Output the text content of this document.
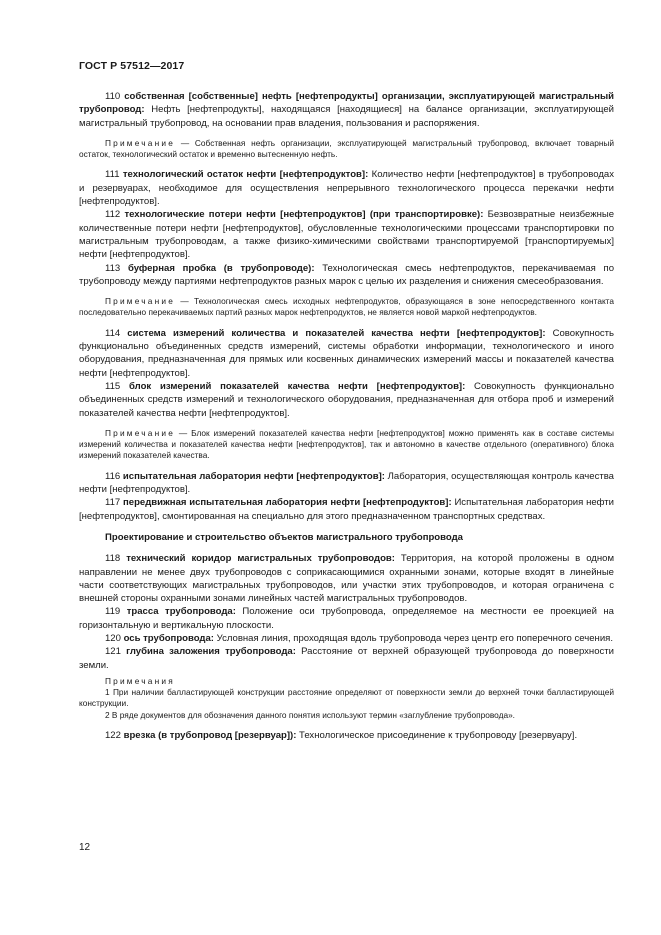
ГОСТ Р 57512—2017

110 собственная [собственные] нефть [нефтепродукты] организации, эксплуатирующей магистральный трубопровод: Нефть [нефтепродукты], находящаяся [находящиеся] на балансе организации, эксплуатирующей магистральный трубопровод, на основании прав владения, пользования и распоряжения.

Примечание — Собственная нефть организации, эксплуатирующей магистральный трубопровод, включает товарный остаток, технологический остаток и временно вытесненную нефть.

111 технологический остаток нефти [нефтепродуктов]: Количество нефти [нефтепродуктов] в трубопроводах и резервуарах, необходимое для осуществления непрерывного технологического процесса перекачки нефти [нефтепродуктов].

112 технологические потери нефти [нефтепродуктов] (при транспортировке): Безвозвратные неизбежные количественные потери нефти [нефтепродуктов], обусловленные технологическими процессами транспортировки по магистральным трубопроводам, а также физико-химическими свойствами транспортируемой [транспортируемых] нефти [нефтепродуктов].

113 буферная пробка (в трубопроводе): Технологическая смесь нефтепродуктов, перекачиваемая по трубопроводу между партиями нефтепродуктов разных марок с целью их разделения и снижения смесеобразования.

Примечание — Технологическая смесь исходных нефтепродуктов, образующаяся в зоне непосредственного контакта последовательно перекачиваемых партий разных марок нефтепродуктов, не является новой маркой нефтепродуктов.

114 система измерений количества и показателей качества нефти [нефтепродуктов]: Совокупность функционально объединенных средств измерений, системы обработки информации, технологического и иного оборудования, предназначенная для прямых или косвенных динамических измерений массы и показателей качества нефти [нефтепродуктов].

115 блок измерений показателей качества нефти [нефтепродуктов]: Совокупность функционально объединенных средств измерений и технологического оборудования, предназначенная для отбора проб и измерений показателей качества нефти [нефтепродуктов].

Примечание — Блок измерений показателей качества нефти [нефтепродуктов] можно применять как в составе системы измерений количества и показателей качества нефти [нефтепродуктов], так и автономно в качестве отдельного (оперативного) блока измерений показателей качества.

116 испытательная лаборатория нефти [нефтепродуктов]: Лаборатория, осуществляющая контроль качества нефти [нефтепродуктов].

117 передвижная испытательная лаборатория нефти [нефтепродуктов]: Испытательная лаборатория нефти [нефтепродуктов], смонтированная на специально для этого предназначенном транспортных средствах.

Проектирование и строительство объектов магистрального трубопровода

118 технический коридор магистральных трубопроводов: Территория, на которой проложены в одном направлении не менее двух трубопроводов с соприкасающимися охранными зонами, которые входят в линейные части соответствующих магистральных трубопроводов, или участки этих трубопроводов, и которая ограничена с внешней стороны охранными зонами линейных частей магистральных трубопроводов.

119 трасса трубопровода: Положение оси трубопровода, определяемое на местности ее проекцией на горизонтальную и вертикальную плоскости.

120 ось трубопровода: Условная линия, проходящая вдоль трубопровода через центр его поперечного сечения.

121 глубина заложения трубопровода: Расстояние от верхней образующей трубопровода до поверхности земли.

Примечания

1 При наличии балластирующей конструкции расстояние определяют от поверхности земли до верхней точки балластирующей конструкции.

2 В ряде документов для обозначения данного понятия используют термин «заглубление трубопровода».

122 врезка (в трубопровод [резервуар]): Технологическое присоединение к трубопроводу [резервуару].

12
